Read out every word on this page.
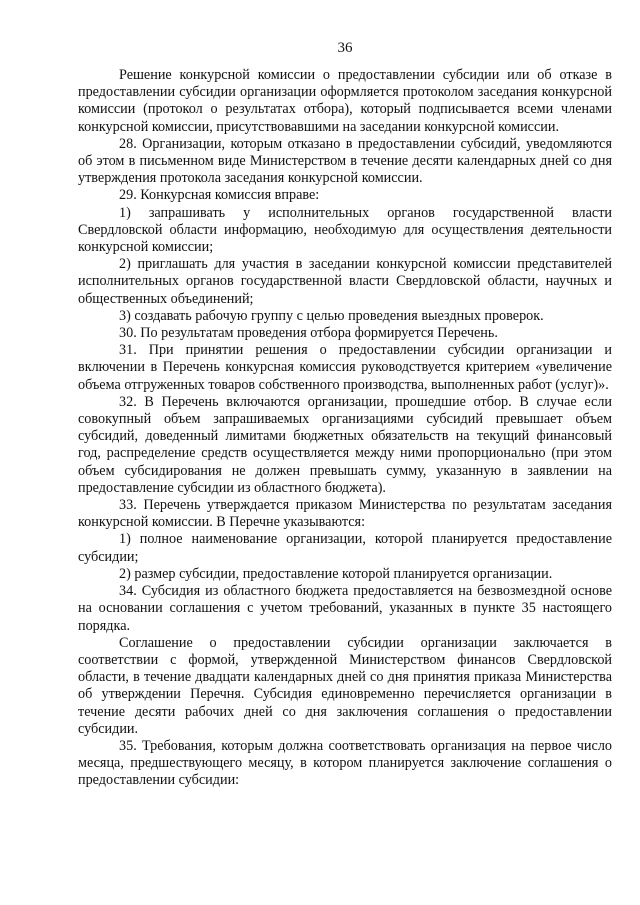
36

Решение конкурсной комиссии о предоставлении субсидии или об отказе в предоставлении субсидии организации оформляется протоколом заседания конкурсной комиссии (протокол о результатах отбора), который подписывается всеми членами конкурсной комиссии, присутствовавшими на заседании конкурсной комиссии.

28. Организации, которым отказано в предоставлении субсидий, уведомляются об этом в письменном виде Министерством в течение десяти календарных дней со дня утверждения протокола заседания конкурсной комиссии.

29. Конкурсная комиссия вправе:

1) запрашивать у исполнительных органов государственной власти Свердловской области информацию, необходимую для осуществления деятельности конкурсной комиссии;

2) приглашать для участия в заседании конкурсной комиссии представителей исполнительных органов государственной власти Свердловской области, научных и общественных объединений;

3) создавать рабочую группу с целью проведения выездных проверок.

30. По результатам проведения отбора формируется Перечень.

31. При принятии решения о предоставлении субсидии организации и включении в Перечень конкурсная комиссия руководствуется критерием «увеличение объема отгруженных товаров собственного производства, выполненных работ (услуг)».

32. В Перечень включаются организации, прошедшие отбор. В случае если совокупный объем запрашиваемых организациями субсидий превышает объем субсидий, доведенный лимитами бюджетных обязательств на текущий финансовый год, распределение средств осуществляется между ними пропорционально (при этом объем субсидирования не должен превышать сумму, указанную в заявлении на предоставление субсидии из областного бюджета).

33. Перечень утверждается приказом Министерства по результатам заседания конкурсной комиссии. В Перечне указываются:

1) полное наименование организации, которой планируется предоставление субсидии;

2) размер субсидии, предоставление которой планируется организации.

34. Субсидия из областного бюджета предоставляется на безвозмездной основе на основании соглашения с учетом требований, указанных в пункте 35 настоящего порядка.

Соглашение о предоставлении субсидии организации заключается в соответствии с формой, утвержденной Министерством финансов Свердловской области, в течение двадцати календарных дней со дня принятия приказа Министерства об утверждении Перечня. Субсидия единовременно перечисляется организации в течение десяти рабочих дней со дня заключения соглашения о предоставлении субсидии.

35. Требования, которым должна соответствовать организация на первое число месяца, предшествующего месяцу, в котором планируется заключение соглашения о предоставлении субсидии:
